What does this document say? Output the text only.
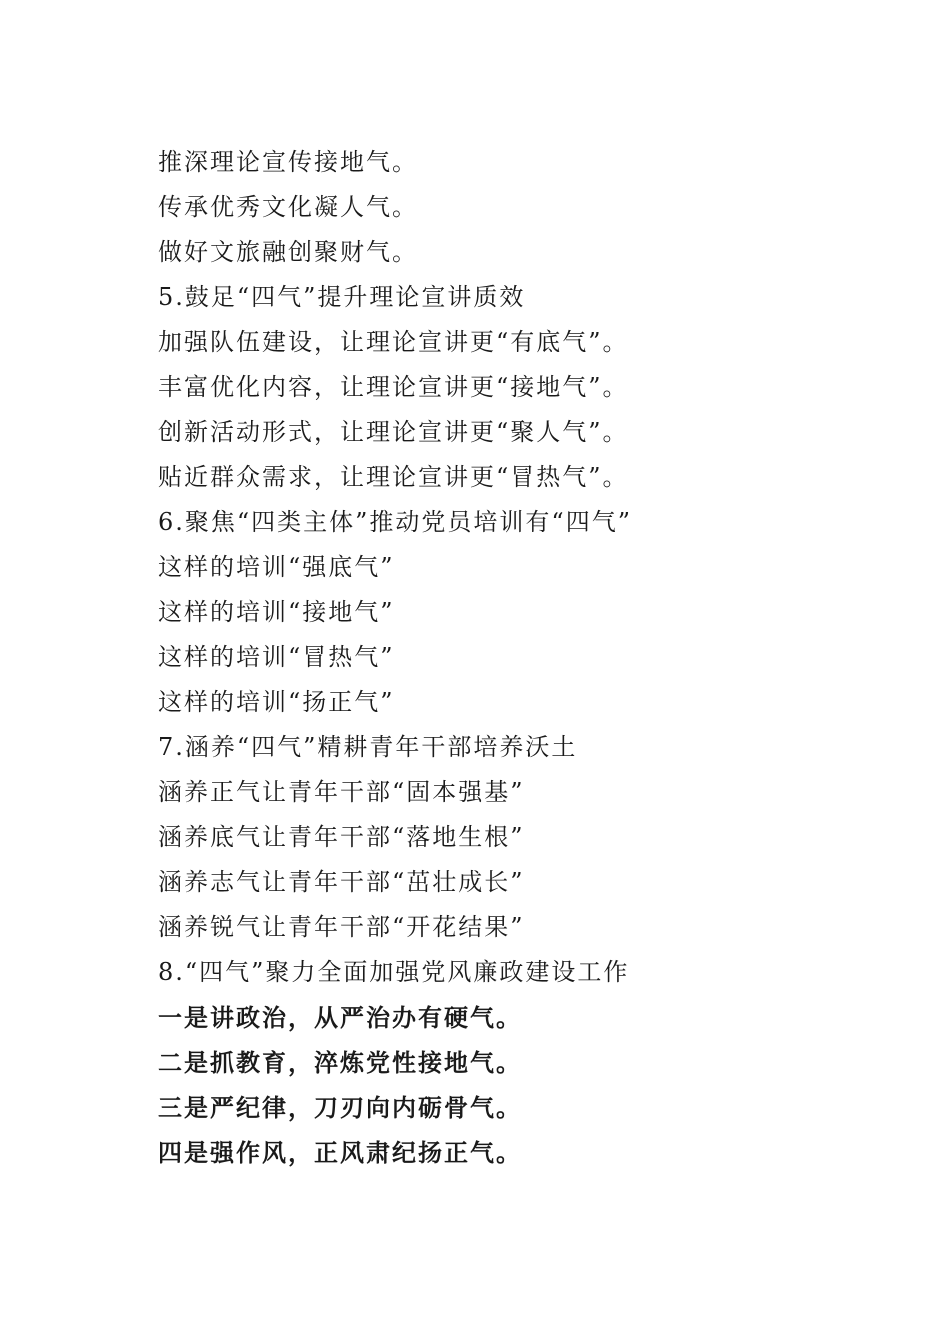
推深理论宣传接地气。
传承优秀文化凝人气。
做好文旅融创聚财气。
5.鼓足“四气”提升理论宣讲质效
加强队伍建设，让理论宣讲更“有底气”。
丰富优化内容，让理论宣讲更“接地气”。
创新活动形式，让理论宣讲更“聚人气”。
贴近群众需求，让理论宣讲更“冒热气”。
6.聚焦“四类主体”推动党员培训有“四气”
这样的培训“强底气”
这样的培训“接地气”
这样的培训“冒热气”
这样的培训“扬正气”
7.涵养“四气”精耕青年干部培养沃土
涵养正气让青年干部“固本强基”
涵养底气让青年干部“落地生根”
涵养志气让青年干部“茁壮成长”
涵养锐气让青年干部“开花结果”
8.“四气”聚力全面加强党风廉政建设工作
一是讲政治，从严治办有硬气。
二是抓教育，淬炼党性接地气。
三是严纪律，刀刃向内砺骨气。
四是强作风，正风肃纪扬正气。
